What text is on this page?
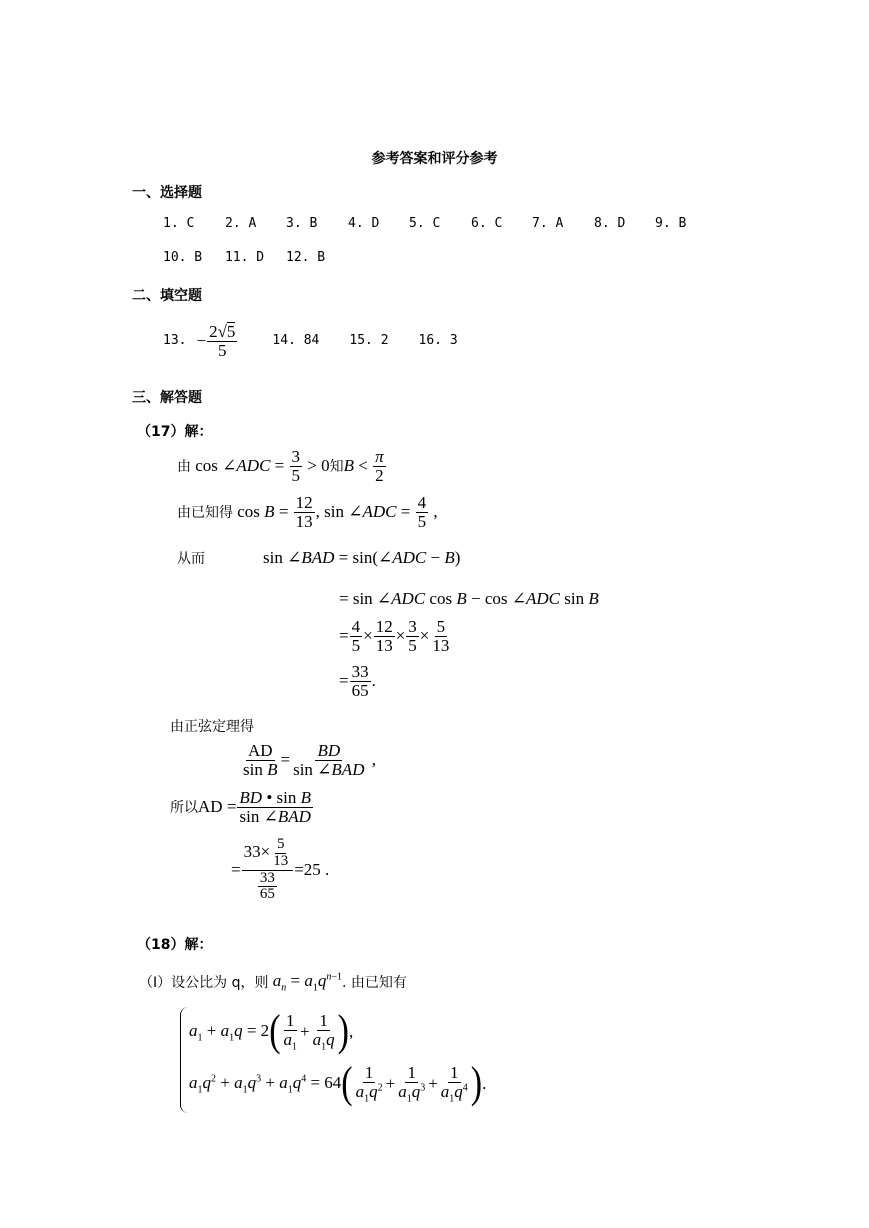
参考答案和评分参考
一、选择题
1. C 2. A 3. B 4. D 5. C 6. C 7. A 8. D 9. B
10. B 11. D 12. B
二、填空题
13. − $\frac{2√5}{5}$	14. 84 15. 2 16. 3
三、解答题
（17）解：
由 cos ∠ADC = $\frac{3}{5} > 0$ 知 $B < \frac{\pi}{2}$
由已知得 $\cos B = \frac{12}{13}$ , sin ∠ADC = $\frac{4}{5}$ ,
从而	sin ∠BAD = sin(∠ADC − B)
= sin ∠ADC cos B − cos ∠ADC sin B
= $\frac{4}{5} \times \frac{12}{13} \times \frac{3}{5} \times \frac{5}{13}$
= $\frac{33}{65}$ .
由正弦定理得
$\frac{AD}{\text{sin B}} = \frac{BD}{\text{sin ∠BAD}}$ ,
所以 AD = $\frac{\text{BD • sin B}}{\text{sin ∠BAD}}$
= $\frac{33\times \frac{5}{13}}{\frac{33}{65}} =25$ .
（18）解：
（Ⅰ）设公比为 q，则 $a_n = a_1q^{n-1}$ . 由已知有
$a_1 + a_1q = 2$ ( $\frac{1}{a_1} + \frac{1}{a_1q}$ ) ,
$a_1q^2 + a_1q^3 + a_1q^4 = 64$ ( $\frac{1}{a_1q^2} + \frac{1}{a_1q^3} + \frac{1}{a_1q^4}$ ) .
